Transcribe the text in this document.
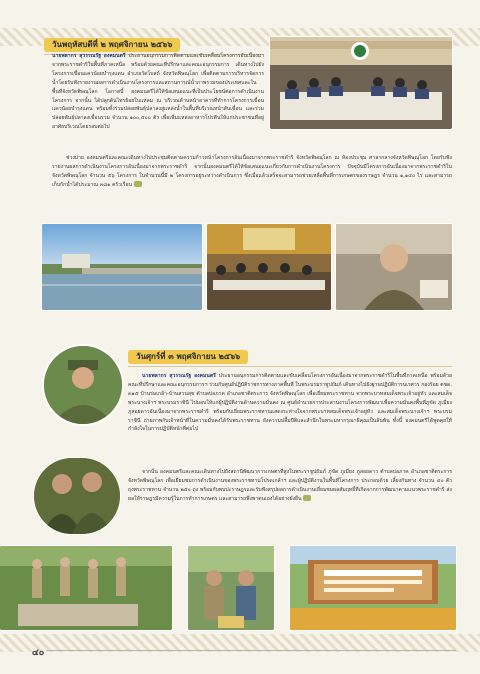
วันพฤหัสบดีที่ ๒ พฤศจิกายน ๒๕๖๖

นายพลากร สุวรรณรัฐ องคมนตรี ประธานอนุกรรมการติดตามและขับเคลื่อนโครงการอันเนื่องมาจากพระราชดำริในพื้นที่ภาคเหนือ พร้อมด้วยคณะที่ปรึกษาและคณะอนุกรรมการ เดินทางไปยังโครงการเขื่อนแควน้อยบำรุงแดน อำเภอวัดโบสถ์ จังหวัดพิษณุโลก เพื่อติดตามการบริหารจัดการน้ำโดยรับฟังรายงานผลการดำเนินงานโครงการและสถานการณ์น้ำภาพรวมของประเทศและในพื้นที่จังหวัดพิษณุโลก โอกาสนี้ องคมนตรีได้ให้ข้อเสนอแนะที่เป็นประโยชน์ต่อการดำเนินงานโครงการ จากนั้น ได้ปลูกต้นไทรย้อยใบแหลม ณ บริเวณด้านหน้าอาคารที่ทำการโครงการเขื่อนแควน้อยบำรุงแดน พร้อมทั้งร่วมปล่อยพันธุ์ปลาลงสู่แหล่งน้ำในพื้นที่บริเวณหน้าสันเขื่อน และร่วมปล่อยพันธุ์ปลาลงเขื่อนรวม จำนวน ๑๐๐,๕๐๐ ตัว เพื่อเพิ่มแหล่งอาหารโปรตีนให้แก่ประชาชนที่อยู่อาศัยบริเวณโดยรอบต่อไป

ช่วงบ่าย องคมนตรีและคณะเดินทางไปประชุมติดตามความก้าวหน้าโครงการอันเนื่องมาจากพระราชดำริ จังหวัดพิษณุโลก ณ ห้องประชุม ศาลากลางจังหวัดพิษณุโลก โดยรับฟังรายงานผลการดำเนินงานโครงการอันเนื่องมาจากพระราชดำริ จากนั้นองคมนตรีได้ให้ข้อเสนอแนะเกี่ยวกับการดำเนินงานโครงการ ปัจจุบันมีโครงการอันเนื่องมาจากพระราชดำริในจังหวัดพิษณุโลก จำนวน ๕๖ โครงการ ในจำนวนนี้มี ๒ โครงการอยู่ระหว่างดำเนินการ ซึ่งเมื่อแล้วเสร็จจะสามารถช่วยเหลือพื้นที่การเกษตรของราษฎร จำนวน ๑,๑๔๐ ไร่ และสามารถเก็บกักน้ำได้ประมาณ ๓๘๑ ครัวเรือน

วันศุกร์ที่ ๓ พฤศจิกายน ๒๕๖๖

นายพลากร สุวรรณรัฐ องคมนตรี ประธานอนุกรรมการติดตามและขับเคลื่อนโครงการอันเนื่องมาจากพระราชดำริในพื้นที่ภาคเหนือ พร้อมด้วยคณะที่ปรึกษาและคณะอนุกรรมการฯ ร่วมกับศูนย์ปฏิบัติราชการทางภาคพื้นที่ ในพระบรมราชูปถัมภ์ เดินทางไปยังฐานปฏิบัติการนเรศวร กองร้อย ตชด. ๓๑๕ บ้านร่มเกล้า-บ้านสวนสุข ตำบลบ่อภาค อำเภอชาติตระการ จังหวัดพิษณุโลก เพื่อเยี่ยมพระราชทาน จากพระบาทสมเด็จพระเจ้าอยู่หัว และสมเด็จพระนางเจ้าฯ พระบรมราชินี ไปมอบให้แก่ผู้ปฏิบัติงานด้านความมั่นคง ณ ศูนย์อำนวยการประสานงานโครงการพัฒนาเพื่อความมั่นคงพื้นที่ภูขัด ภูเมี่ยง ภูสอยดาวอันเนื่องมาจากพระราชดำริ พร้อมกับเยี่ยมพระราชทานแสดงระห่างใจจากพระบาทสมเด็จพระเจ้าอยู่หัว และสมเด็จพระนางเจ้าฯ พระบรมราชินี ถ่ายภาพกับเจ้าหน้าที่ในความมั่นคงได้รับพระราชทาน ยังความปลื้มปีติและสำนึกในพระมหากรุณาธิคุณเป็นล้นพ้น ทั้งนี้ องคมนตรีได้พูดคุยให้กำลังใจในการปฏิบัติหน้าที่ต่อไป

จากนั้น องคมนตรีและคณะเดินทางไปยังสถานีพัฒนาการเกษตรที่สูงในพระราชูปถัมภ์ ภูขัด ภูเมี่ยง ภูสอยดาว ตำบลบ่อภาค อำเภอชาติตระการ จังหวัดพิษณุโลก เพื่อเยี่ยมชมการดำเนินงานของพระราชทานโปรดเกล้าฯ และผู้ปฏิบัติงานในพื้นที่โครงการ ประกอบด้วย เลี้ยงกันทาง จำนวน ๔๐ ตัว ถุงพระราชทาน จำนวน ๒๕๐ ถุง พร้อมกับพบปะราษฎรและรับฟังสรุปผลการดำเนินงานเยี่ยมชมผลสัมฤทธิ์ที่เกิดจากการพัฒนาตามแนวพระราชดำริ ส่งผลให้ราษฎรมีความรู้ในการทำการเกษตร และสามารถพึ่งพาตนเองได้อย่างยั่งยืน

๔๐
